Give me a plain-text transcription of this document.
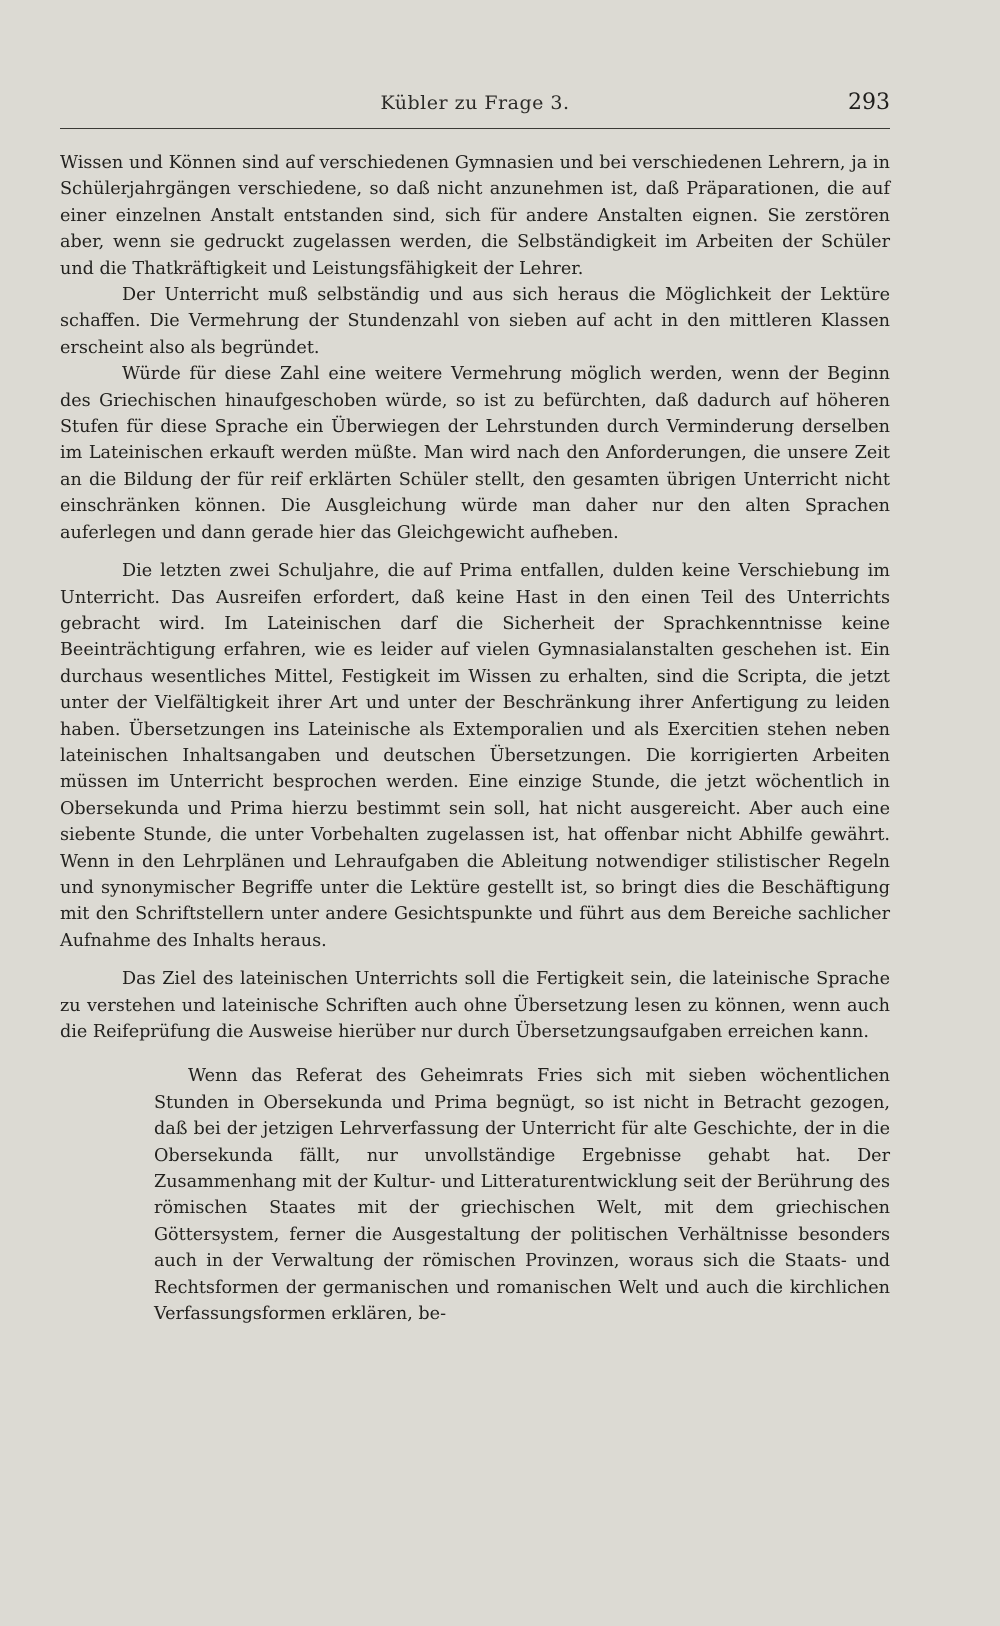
Kübler zu Frage 3.	293

Wissen und Können sind auf verschiedenen Gymnasien und bei verschiedenen Lehrern, ja in Schülerjahrgängen verschiedene, so daß nicht anzunehmen ist, daß Präparationen, die auf einer einzelnen Anstalt entstanden sind, sich für andere Anstalten eignen. Sie zerstören aber, wenn sie gedruckt zugelassen werden, die Selbständigkeit im Arbeiten der Schüler und die Thatkräftigkeit und Leistungsfähigkeit der Lehrer.

Der Unterricht muß selbständig und aus sich heraus die Möglichkeit der Lektüre schaffen. Die Vermehrung der Stundenzahl von sieben auf acht in den mittleren Klassen erscheint also als begründet.

Würde für diese Zahl eine weitere Vermehrung möglich werden, wenn der Beginn des Griechischen hinaufgeschoben würde, so ist zu befürchten, daß dadurch auf höheren Stufen für diese Sprache ein Überwiegen der Lehrstunden durch Verminderung derselben im Lateinischen erkauft werden müßte. Man wird nach den Anforderungen, die unsere Zeit an die Bildung der für reif erklärten Schüler stellt, den gesamten übrigen Unterricht nicht einschränken können. Die Ausgleichung würde man daher nur den alten Sprachen auferlegen und dann gerade hier das Gleichgewicht aufheben.

Die letzten zwei Schuljahre, die auf Prima entfallen, dulden keine Verschiebung im Unterricht. Das Ausreifen erfordert, daß keine Hast in den einen Teil des Unterrichts gebracht wird. Im Lateinischen darf die Sicherheit der Sprachkenntnisse keine Beeinträchtigung erfahren, wie es leider auf vielen Gymnasialanstalten geschehen ist. Ein durchaus wesentliches Mittel, Festigkeit im Wissen zu erhalten, sind die Scripta, die jetzt unter der Vielfältigkeit ihrer Art und unter der Beschränkung ihrer Anfertigung zu leiden haben. Übersetzungen ins Lateinische als Extemporalien und als Exercitien stehen neben lateinischen Inhaltsangaben und deutschen Übersetzungen. Die korrigierten Arbeiten müssen im Unterricht besprochen werden. Eine einzige Stunde, die jetzt wöchentlich in Obersekunda und Prima hierzu bestimmt sein soll, hat nicht ausgereicht. Aber auch eine siebente Stunde, die unter Vorbehalten zugelassen ist, hat offenbar nicht Abhilfe gewährt. Wenn in den Lehrplänen und Lehraufgaben die Ableitung notwendiger stilistischer Regeln und synonymischer Begriffe unter die Lektüre gestellt ist, so bringt dies die Beschäftigung mit den Schriftstellern unter andere Gesichtspunkte und führt aus dem Bereiche sachlicher Aufnahme des Inhalts heraus.

Das Ziel des lateinischen Unterrichts soll die Fertigkeit sein, die lateinische Sprache zu verstehen und lateinische Schriften auch ohne Übersetzung lesen zu können, wenn auch die Reifeprüfung die Ausweise hierüber nur durch Übersetzungsaufgaben erreichen kann.

Wenn das Referat des Geheimrats Fries sich mit sieben wöchentlichen Stunden in Obersekunda und Prima begnügt, so ist nicht in Betracht gezogen, daß bei der jetzigen Lehrverfassung der Unterricht für alte Geschichte, der in die Obersekunda fällt, nur unvollständige Ergebnisse gehabt hat. Der Zusammenhang mit der Kultur- und Litteraturentwicklung seit der Berührung des römischen Staates mit der griechischen Welt, mit dem griechischen Göttersystem, ferner die Ausgestaltung der politischen Verhältnisse besonders auch in der Verwaltung der römischen Provinzen, woraus sich die Staats- und Rechtsformen der germanischen und romanischen Welt und auch die kirchlichen Verfassungsformen erklären, be-
